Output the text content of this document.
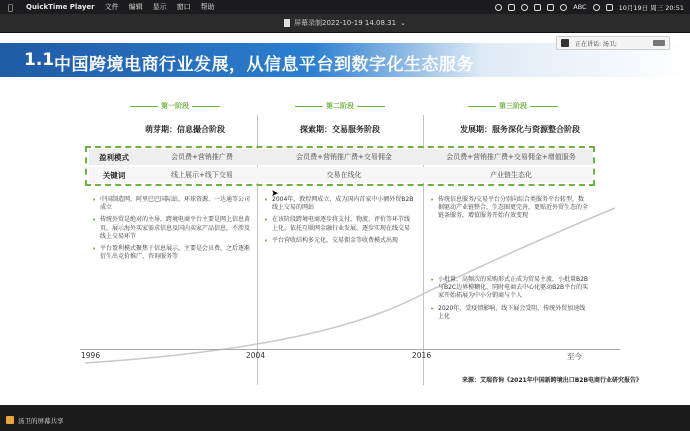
QuickTime Player 文件 编辑 显示 窗口 帮助	ABC	10月19日 周三 20:51
屏幕录制2022-10-19 14.08.31 ⌄
1.1 中国跨境电商行业发展，从信息平台到数字化生态服务
第一阶段	第二阶段	第三阶段
萌芽期：信息撮合阶段	探索期：交易服务阶段	发展期：服务深化与资源整合阶段
盈利模式	会员费+营销推广费	会员费+营销推广费+交易佣金	会员费+营销推广费+交易佣金+增值服务
关键词	线上展示+线下交易	交易在线化	产业链生态化
• 中国制造网、阿里巴巴国际站、环球资源、一达通等公司成立
• 传统外贸是绝对的主导，跨境电商平台主要是网上信息黄页，展示海外买家需求信息及国内卖家产品信息，不涉及线上交易环节
• 平台盈利模式聚焦于信息展示，主要是会员费，之后逐渐衍生出竞价推广、咨询服务等
• 2004年，敦煌网成立，成为国内首家中小额外贸B2B线上交易的网站
• 在该阶段跨境电商逐步将支付、物流、评价等环节线上化，依托互联网金融行业发展，逐步实现在线交易
• 平台营收结构多元化，交易佣金等收费模式出现
• 传统信息服务/交易平台分别向综合类服务平台转型，数据驱动产业链整合，生态圈更完善，更贴近外贸生态的全链条服务，增值服务开始有效变现
• 小批量、高频次的采购形式正成为贸易主流，小批量B2B与B2C边界模糊化，同时电商去中心化驱动B2B平台的买家开始拓展为中小分销商与个人
• 2020年，受疫情影响，线下展会受阻，传统外贸加速线上化
1996	2004	2016	至今
来源：艾瑞咨询《2021年中国新跨境出口B2B电商行业研究报告》
正在讲话: 汤卫;
➤
汤卫的屏幕共享
